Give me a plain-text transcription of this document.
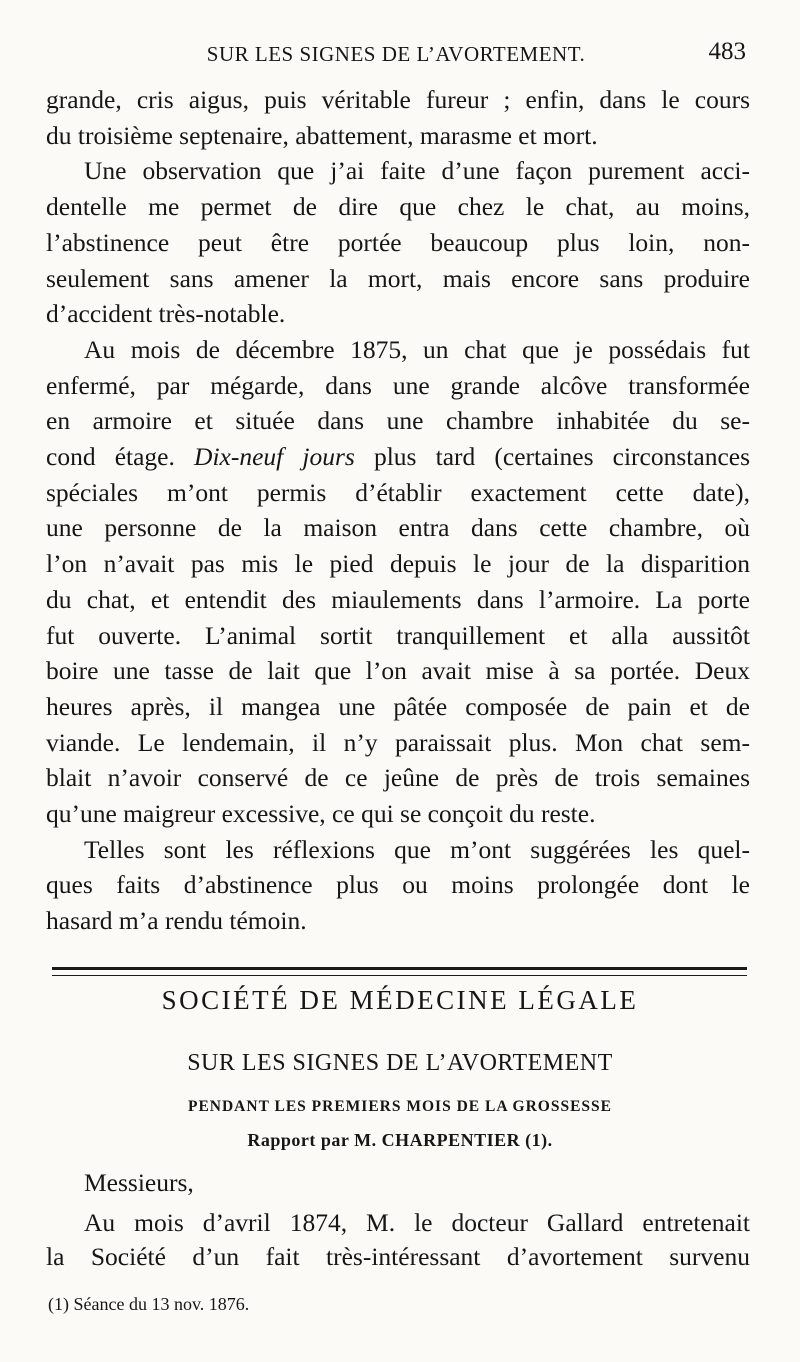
SUR LES SIGNES DE L’AVORTEMENT.	483

grande, cris aigus, puis véritable fureur ; enfin, dans le cours
du troisième septenaire, abattement, marasme et mort.

Une observation que j’ai faite d’une façon purement acci-
dentelle me permet de dire que chez le chat, au moins,
l’abstinence peut être portée beaucoup plus loin, non-
seulement sans amener la mort, mais encore sans produire
d’accident très-notable.

Au mois de décembre 1875, un chat que je possédais fut
enfermé, par mégarde, dans une grande alcôve transformée
en armoire et située dans une chambre inhabitée du se-
cond étage. Dix-neuf jours plus tard (certaines circonstances
spéciales m’ont permis d’établir exactement cette date),
une personne de la maison entra dans cette chambre, où
l’on n’avait pas mis le pied depuis le jour de la disparition
du chat, et entendit des miaulements dans l’armoire. La porte
fut ouverte. L’animal sortit tranquillement et alla aussitôt
boire une tasse de lait que l’on avait mise à sa portée. Deux
heures après, il mangea une pâtée composée de pain et de
viande. Le lendemain, il n’y paraissait plus. Mon chat sem-
blait n’avoir conservé de ce jeûne de près de trois semaines
qu’une maigreur excessive, ce qui se conçoit du reste.

Telles sont les réflexions que m’ont suggérées les quel-
ques faits d’abstinence plus ou moins prolongée dont le
hasard m’a rendu témoin.

SOCIÉTÉ DE MÉDECINE LÉGALE
SUR LES SIGNES DE L’AVORTEMENT
PENDANT LES PREMIERS MOIS DE LA GROSSESSE
Rapport par M. CHARPENTIER (1).
Messieurs,
Au mois d’avril 1874, M. le docteur Gallard entretenait
la Société d’un fait très-intéressant d’avortement survenu
(1) Séance du 13 nov. 1876.
